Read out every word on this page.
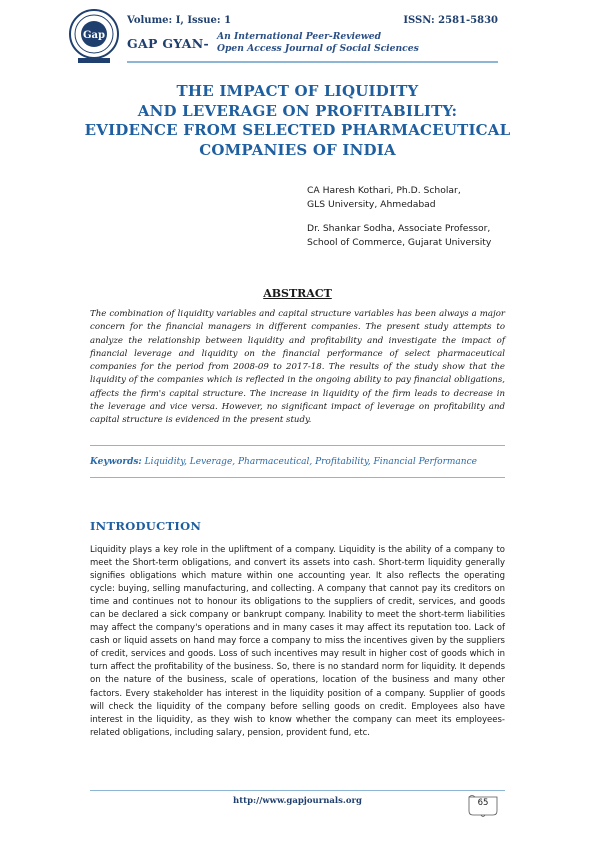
Gap
Volume: I, Issue: 1	ISSN: 2581-5830
GAP GYAN- An International Peer-Reviewed
Open Access Journal of Social Sciences
THE IMPACT OF LIQUIDITY
AND LEVERAGE ON PROFITABILITY:
EVIDENCE FROM SELECTED PHARMACEUTICAL
COMPANIES OF INDIA
CA Haresh Kothari, Ph.D. Scholar,
GLS University, Ahmedabad
Dr. Shankar Sodha, Associate Professor,
School of Commerce, Gujarat University
ABSTRACT
The combination of liquidity variables and capital structure variables has been always a major concern for the financial managers in different companies. The present study attempts to analyze the relationship between liquidity and profitability and investigate the impact of financial leverage and liquidity on the financial performance of select pharmaceutical companies for the period from 2008-09 to 2017-18. The results of the study show that the liquidity of the companies which is reflected in the ongoing ability to pay financial obligations, affects the firm's capital structure. The increase in liquidity of the firm leads to decrease in the leverage and vice versa. However, no significant impact of leverage on profitability and capital structure is evidenced in the present study.
Keywords: Liquidity, Leverage, Pharmaceutical, Profitability, Financial Performance
INTRODUCTION
Liquidity plays a key role in the upliftment of a company. Liquidity is the ability of a company to meet the Short-term obligations, and convert its assets into cash. Short-term liquidity generally signifies obligations which mature within one accounting year. It also reflects the operating cycle: buying, selling manufacturing, and collecting. A company that cannot pay its creditors on time and continues not to honour its obligations to the suppliers of credit, services, and goods can be declared a sick company or bankrupt company. Inability to meet the short-term liabilities may affect the company's operations and in many cases it may affect its reputation too. Lack of cash or liquid assets on hand may force a company to miss the incentives given by the suppliers of credit, services and goods. Loss of such incentives may result in higher cost of goods which in turn affect the profitability of the business. So, there is no standard norm for liquidity. It depends on the nature of the business, scale of operations, location of the business and many other factors. Every stakeholder has interest in the liquidity position of a company. Supplier of goods will check the liquidity of the company before selling goods on credit. Employees also have interest in the liquidity, as they wish to know whether the company can meet its employees-related obligations, including salary, pension, provident fund, etc.
http://www.gapjournals.org	65
